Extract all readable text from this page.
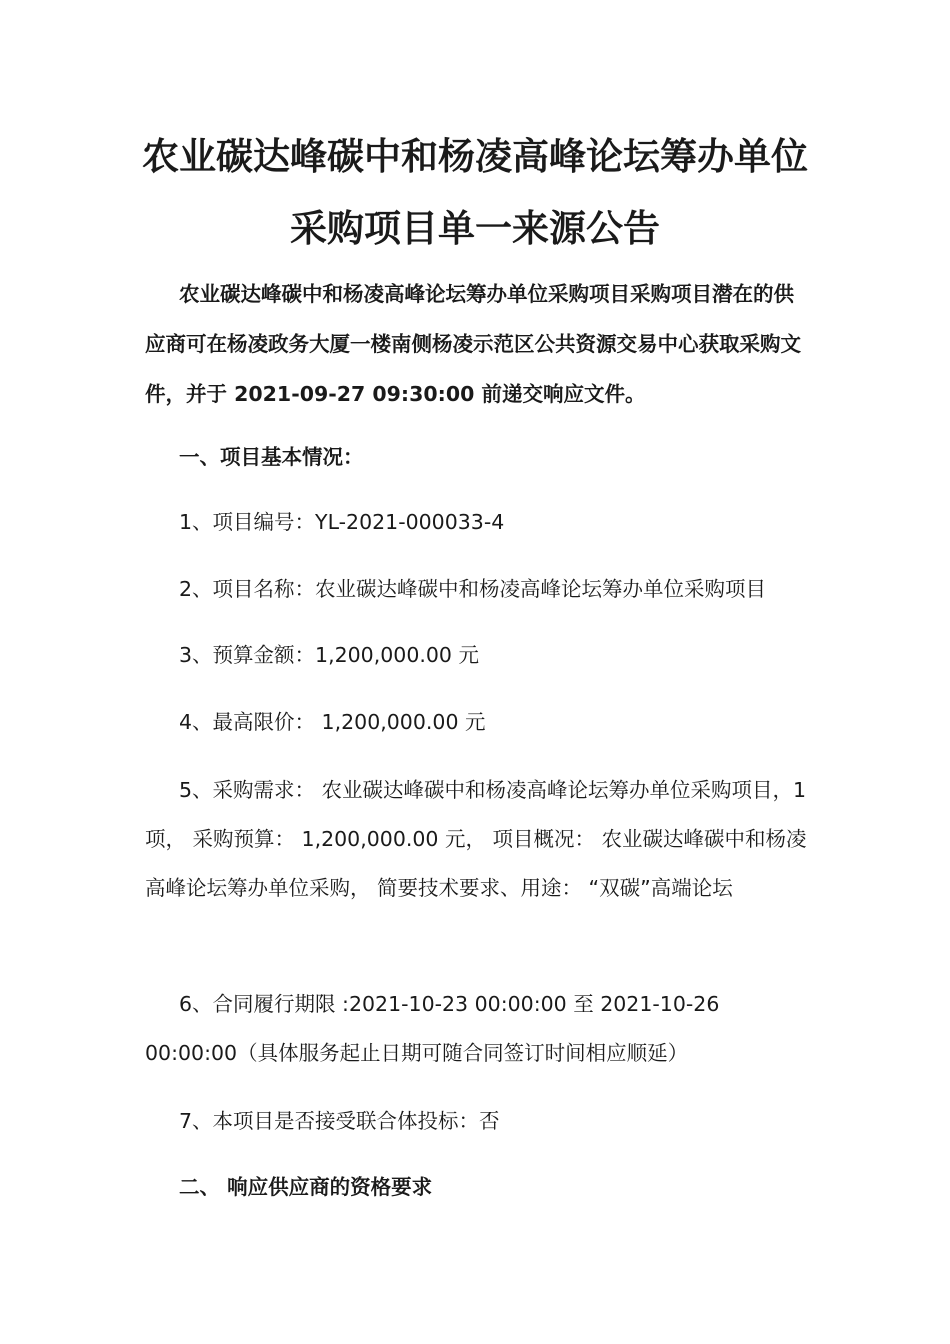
农业碳达峰碳中和杨凌高峰论坛筹办单位采购项目单一来源公告

农业碳达峰碳中和杨凌高峰论坛筹办单位采购项目采购项目潜在的供应商可在杨凌政务大厦一楼南侧杨凌示范区公共资源交易中心获取采购文件，并于 2021-09-27 09:30:00 前递交响应文件。

一、项目基本情况：

1、项目编号：YL-2021-000033-4

2、项目名称：农业碳达峰碳中和杨凌高峰论坛筹办单位采购项目

3、预算金额：1,200,000.00 元

4、最高限价： 1,200,000.00 元

5、采购需求： 农业碳达峰碳中和杨凌高峰论坛筹办单位采购项目，1 项， 采购预算： 1,200,000.00 元， 项目概况： 农业碳达峰碳中和杨凌高峰论坛筹办单位采购， 简要技术要求、用途： “双碳”高端论坛

6、合同履行期限 :2021-10-23 00:00:00 至 2021-10-26 00:00:00（具体服务起止日期可随合同签订时间相应顺延）

7、本项目是否接受联合体投标：否

二、 响应供应商的资格要求
